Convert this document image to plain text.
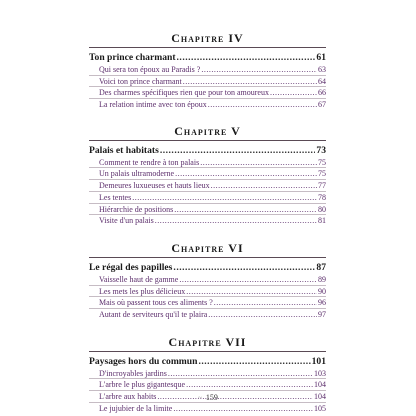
Chapitre IV
Ton prince charmant .....	61
Qui sera ton époux au Paradis ? .....	63
Voici ton prince charmant .....	64
Des charmes spécifiques rien que pour ton amoureux .....	66
La relation intime avec ton époux .....	67
Chapitre V
Palais et habitats .....	73
Comment te rendre à ton palais .....	75
Un palais ultramoderne .....	75
Demeures luxueuses et hauts lieux .....	77
Les tentes .....	78
Hiérarchie de positions .....	80
Visite d'un palais .....	81
Chapitre VI
Le régal des papilles .....	87
Vaisselle haut de gamme .....	89
Les mets les plus délicieux .....	90
Mais où passent tous ces aliments ? .....	96
Autant de serviteurs qu'il te plaira .....	97
Chapitre VII
Paysages hors du commun .....	101
D'incroyables jardins .....	103
L'arbre le plus gigantesque .....	104
L'arbre aux habits .....	104
Le jujubier de la limite .....	105
~ 159
